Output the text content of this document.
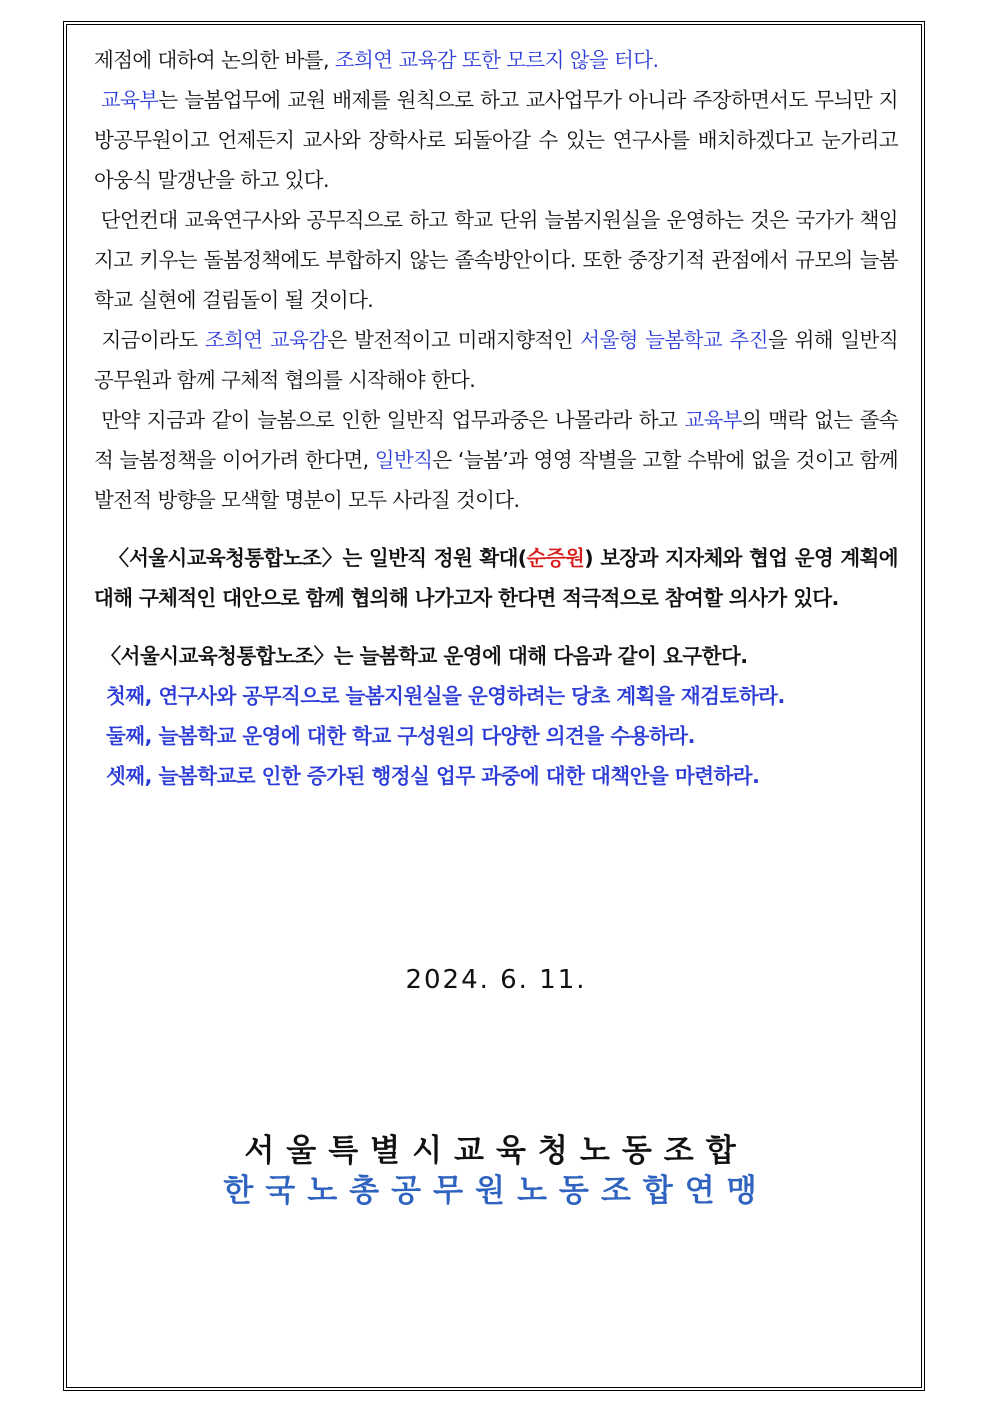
제점에 대하여 논의한 바를, 조희연 교육감 또한 모르지 않을 터다.

교육부는 늘봄업무에 교원 배제를 원칙으로 하고 교사업무가 아니라 주장하면서도 무늬만 지방공무원이고 언제든지 교사와 장학사로 되돌아갈 수 있는 연구사를 배치하겠다고 눈가리고 아웅식 말갱난을 하고 있다.

단언컨대 교육연구사와 공무직으로 하고 학교 단위 늘봄지원실을 운영하는 것은 국가가 책임지고 키우는 돌봄정책에도 부합하지 않는 졸속방안이다. 또한 중장기적 관점에서 규모의 늘봄학교 실현에 걸림돌이 될 것이다.

지금이라도 조희연 교육감은 발전적이고 미래지향적인 서울형 늘봄학교 추진을 위해 일반직공무원과 함께 구체적 협의를 시작해야 한다.

만약 지금과 같이 늘봄으로 인한 일반직 업무과중은 나몰라라 하고 교육부의 맥락 없는 졸속적 늘봄정책을 이어가려 한다면, 일반직은 ‘늘봄’과 영영 작별을 고할 수밖에 없을 것이고 함께 발전적 방향을 모색할 명분이 모두 사라질 것이다.

〈서울시교육청통합노조〉는 일반직 정원 확대(순증원) 보장과 지자체와 협업 운영 계획에 대해 구체적인 대안으로 함께 협의해 나가고자 한다면 적극적으로 참여할 의사가 있다.

〈서울시교육청통합노조〉는 늘봄학교 운영에 대해 다음과 같이 요구한다.

첫째, 연구사와 공무직으로 늘봄지원실을 운영하려는 당초 계획을 재검토하라.

둘째, 늘봄학교 운영에 대한 학교 구성원의 다양한 의견을 수용하라.

셋째, 늘봄학교로 인한 증가된 행정실 업무 과중에 대한 대책안을 마련하라.

2024. 6. 11.
서울특별시교육청노동조합
한국노총공무원노동조합연맹
